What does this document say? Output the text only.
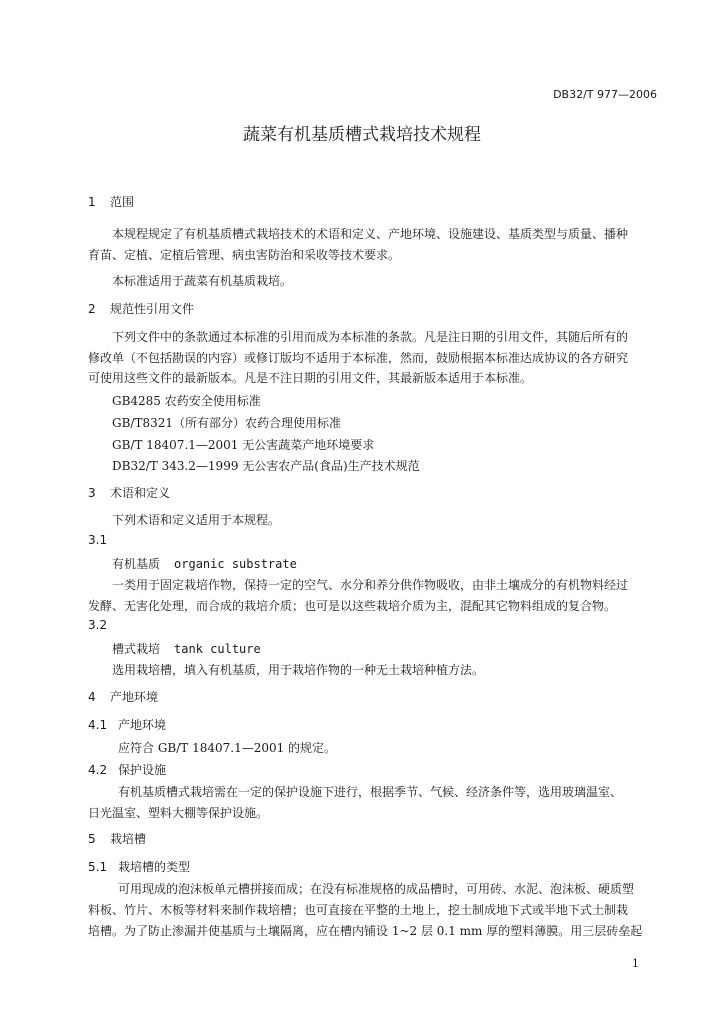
DB32/T 977—2006
蔬菜有机基质槽式栽培技术规程
1 范围
本规程规定了有机基质槽式栽培技术的术语和定义、产地环境、设施建设、基质类型与质量、播种
育苗、定植、定植后管理、病虫害防治和采收等技术要求。
本标准适用于蔬菜有机基质栽培。
2 规范性引用文件
下列文件中的条款通过本标准的引用而成为本标准的条款。凡是注日期的引用文件，其随后所有的
修改单（不包括勘误的内容）或修订版均不适用于本标准，然而，鼓励根据本标准达成协议的各方研究
可使用这些文件的最新版本。凡是不注日期的引用文件，其最新版本适用于本标准。
GB4285 农药安全使用标准
GB/T8321（所有部分）农药合理使用标准
GB/T 18407.1—2001 无公害蔬菜产地环境要求
DB32/T 343.2—1999 无公害农产品(食品)生产技术规范
3 术语和定义
下列术语和定义适用于本规程。
3.1
有机基质 organic substrate
一类用于固定栽培作物，保持一定的空气、水分和养分供作物吸收，由非土壤成分的有机物料经过
发酵、无害化处理，而合成的栽培介质；也可是以这些栽培介质为主，混配其它物料组成的复合物。
3.2
槽式栽培 tank culture
选用栽培槽，填入有机基质，用于栽培作物的一种无土栽培种植方法。
4 产地环境
4.1 产地环境
应符合 GB/T 18407.1—2001 的规定。
4.2 保护设施
有机基质槽式栽培需在一定的保护设施下进行，根据季节、气候、经济条件等，选用玻璃温室、
日光温室、塑料大棚等保护设施。
5 栽培槽
5.1 栽培槽的类型
可用现成的泡沫板单元槽拼接而成；在没有标准规格的成品槽时，可用砖、水泥、泡沫板、硬质塑
料板、竹片、木板等材料来制作栽培槽；也可直接在平整的土地上，挖土制成地下式或半地下式土制栽
培槽。为了防止渗漏并使基质与土壤隔离，应在槽内铺设 1~2 层 0.1 mm 厚的塑料薄膜。用三层砖垒起
1
